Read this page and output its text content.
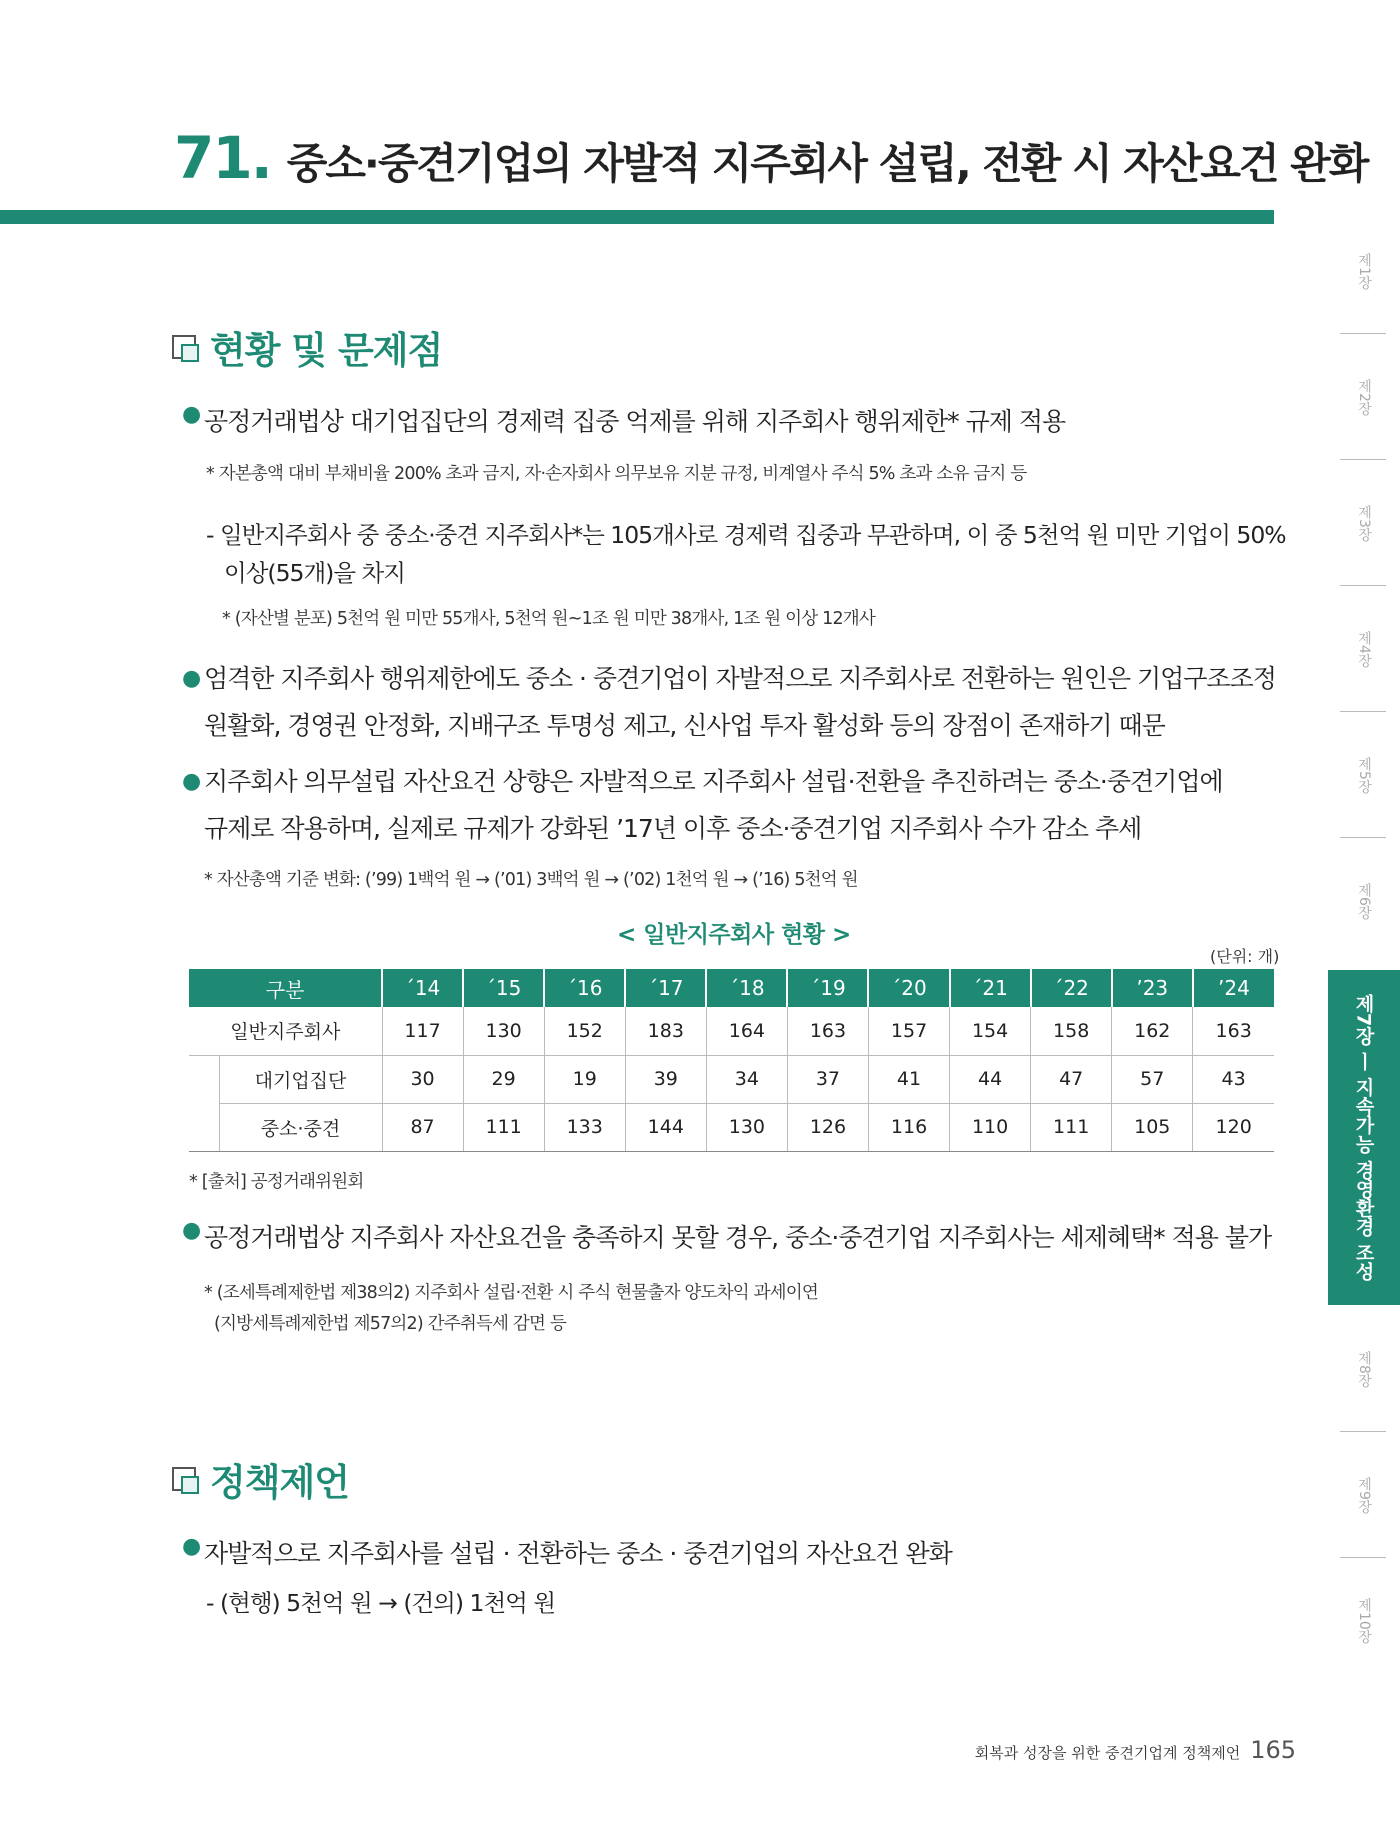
71. 중소·중견기업의 자발적 지주회사 설립, 전환 시 자산요건 완화
현황 및 문제점
● 공정거래법상 대기업집단의 경제력 집중 억제를 위해 지주회사 행위제한* 규제 적용
* 자본총액 대비 부채비율 200% 초과 금지, 자·손자회사 의무보유 지분 규정, 비계열사 주식 5% 초과 소유 금지 등
- 일반지주회사 중 중소·중견 지주회사*는 105개사로 경제력 집중과 무관하며, 이 중 5천억 원 미만 기업이 50%
이상(55개)을 차지
* (자산별 분포) 5천억 원 미만 55개사, 5천억 원~1조 원 미만 38개사, 1조 원 이상 12개사
● 엄격한 지주회사 행위제한에도 중소 · 중견기업이 자발적으로 지주회사로 전환하는 원인은 기업구조조정
원활화, 경영권 안정화, 지배구조 투명성 제고, 신사업 투자 활성화 등의 장점이 존재하기 때문
● 지주회사 의무설립 자산요건 상향은 자발적으로 지주회사 설립·전환을 추진하려는 중소·중견기업에
규제로 작용하며, 실제로 규제가 강화된 ’17년 이후 중소·중견기업 지주회사 수가 감소 추세
* 자산총액 기준 변화: (’99) 1백억 원 → (’01) 3백억 원 → (’02) 1천억 원 → (’16) 5천억 원
< 일반지주회사 현황 >
(단위: 개)
구분		´14	´15	´16	´17	´18	´19	´20	´21	´22	’23	’24
일반지주회사		117	130	152	183	164	163	157	154	158	162	163
	대기업집단	30	29	19	39	34	37	41	44	47	57	43
	중소·중견	87	111	133	144	130	126	116	110	111	105	120
* [출처] 공정거래위원회
● 공정거래법상 지주회사 자산요건을 충족하지 못할 경우, 중소·중견기업 지주회사는 세제혜택* 적용 불가
* (조세특례제한법 제38의2) 지주회사 설립·전환 시 주식 현물출자 양도차익 과세이연
(지방세특례제한법 제57의2) 간주취득세 감면 등
정책제언
● 자발적으로 지주회사를 설립 · 전환하는 중소 · 중견기업의 자산요건 완화
- (현행) 5천억 원 → (건의) 1천억 원
제1장
제2장
제3장
제4장
제5장
제6장
제8장
제9장
제10장
제7장 ㅣ 지속가능 경영환경 조성
회복과 성장을 위한 중견기업계 정책제언 165
